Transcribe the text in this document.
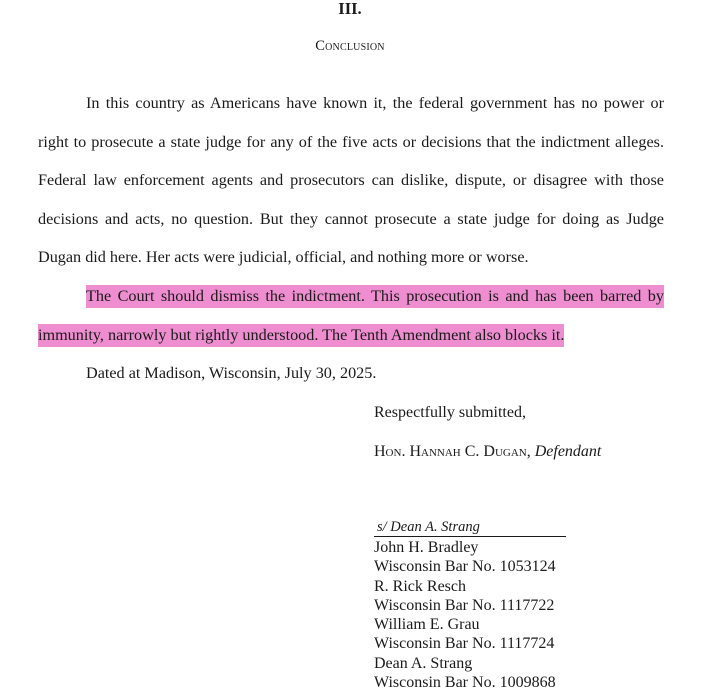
III.
Conclusion

In this country as Americans have known it, the federal government has no power or right to prosecute a state judge for any of the five acts or decisions that the indictment alleges. Federal law enforcement agents and prosecutors can dislike, dispute, or disagree with those decisions and acts, no question. But they cannot prosecute a state judge for doing as Judge Dugan did here. Her acts were judicial, official, and nothing more or worse.

The Court should dismiss the indictment. This prosecution is and has been barred by immunity, narrowly but rightly understood. The Tenth Amendment also blocks it.

Dated at Madison, Wisconsin, July 30, 2025.

Respectfully submitted,
Hon. Hannah C. Dugan, Defendant
s/ Dean A. Strang
John H. Bradley
Wisconsin Bar No. 1053124
R. Rick Resch
Wisconsin Bar No. 1117722
William E. Grau
Wisconsin Bar No. 1117724
Dean A. Strang
Wisconsin Bar No. 1009868
